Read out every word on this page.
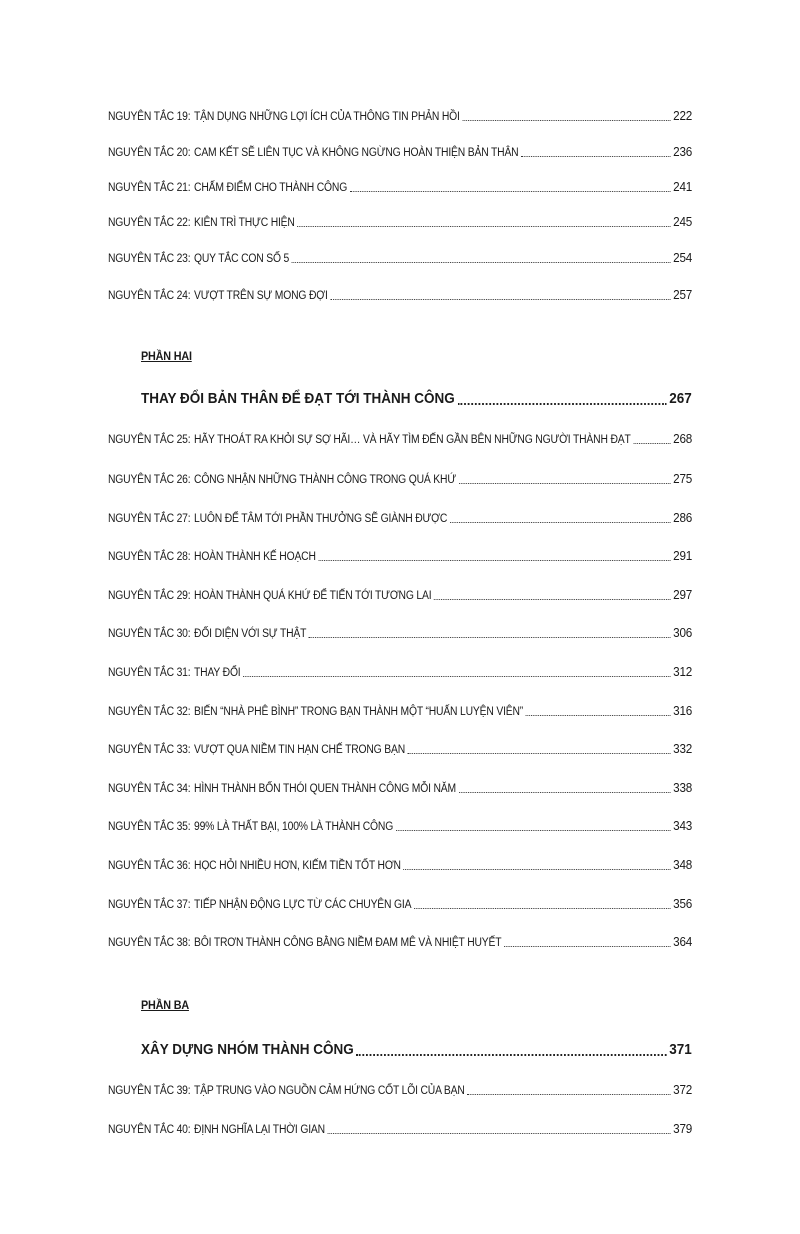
NGUYÊN TẮC 19: TẬN DỤNG NHỮNG LỢI ÍCH CỦA THÔNG TIN PHẢN HỒI	222
NGUYÊN TẮC 20: CAM KẾT SẼ LIÊN TỤC VÀ KHÔNG NGỪNG HOÀN THIỆN BẢN THÂN	236
NGUYÊN TẮC 21: CHẤM ĐIỂM CHO THÀNH CÔNG	241
NGUYÊN TẮC 22: KIÊN TRÌ THỰC HIỆN	245
NGUYÊN TẮC 23: QUY TẮC CON SỐ 5	254
NGUYÊN TẮC 24: VƯỢT TRÊN SỰ MONG ĐỢI	257
PHẦN HAI
THAY ĐỔI BẢN THÂN ĐỂ ĐẠT TỚI THÀNH CÔNG	267
NGUYÊN TẮC 25: HÃY THOÁT RA KHỎI SỰ SỢ HÃI… VÀ HÃY TÌM ĐẾN GẦN BÊN NHỮNG NGƯỜI THÀNH ĐẠT	268
NGUYÊN TẮC 26: CÔNG NHẬN NHỮNG THÀNH CÔNG TRONG QUÁ KHỨ	275
NGUYÊN TẮC 27: LUÔN ĐỂ TÂM TỚI PHẦN THƯỞNG SẼ GIÀNH ĐƯỢC	286
NGUYÊN TẮC 28: HOÀN THÀNH KẾ HOẠCH	291
NGUYÊN TẮC 29: HOÀN THÀNH QUÁ KHỨ ĐỂ TIẾN TỚI TƯƠNG LAI	297
NGUYÊN TẮC 30: ĐỐI DIỆN VỚI SỰ THẬT	306
NGUYÊN TẮC 31: THAY ĐỔI	312
NGUYÊN TẮC 32: BIẾN “NHÀ PHÊ BÌNH” TRONG BẠN THÀNH MỘT “HUẤN LUYỆN VIÊN”	316
NGUYÊN TẮC 33: VƯỢT QUA NIỀM TIN HẠN CHẾ TRONG BẠN	332
NGUYÊN TẮC 34: HÌNH THÀNH BỐN THÓI QUEN THÀNH CÔNG MỖI NĂM	338
NGUYÊN TẮC 35: 99% LÀ THẤT BẠI, 100% LÀ THÀNH CÔNG	343
NGUYÊN TẮC 36: HỌC HỎI NHIỀU HƠN, KIẾM TIỀN TỐT HƠN	348
NGUYÊN TẮC 37: TIẾP NHẬN ĐỘNG LỰC TỪ CÁC CHUYÊN GIA	356
NGUYÊN TẮC 38: BÔI TRƠN THÀNH CÔNG BẰNG NIỀM ĐAM MÊ VÀ NHIỆT HUYẾT	364
PHẦN BA
XÂY DỰNG NHÓM THÀNH CÔNG	371
NGUYÊN TẮC 39: TẬP TRUNG VÀO NGUỒN CẢM HỨNG CỐT LÕI CỦA BẠN	372
NGUYÊN TẮC 40: ĐỊNH NGHĨA LẠI THỜI GIAN	379
